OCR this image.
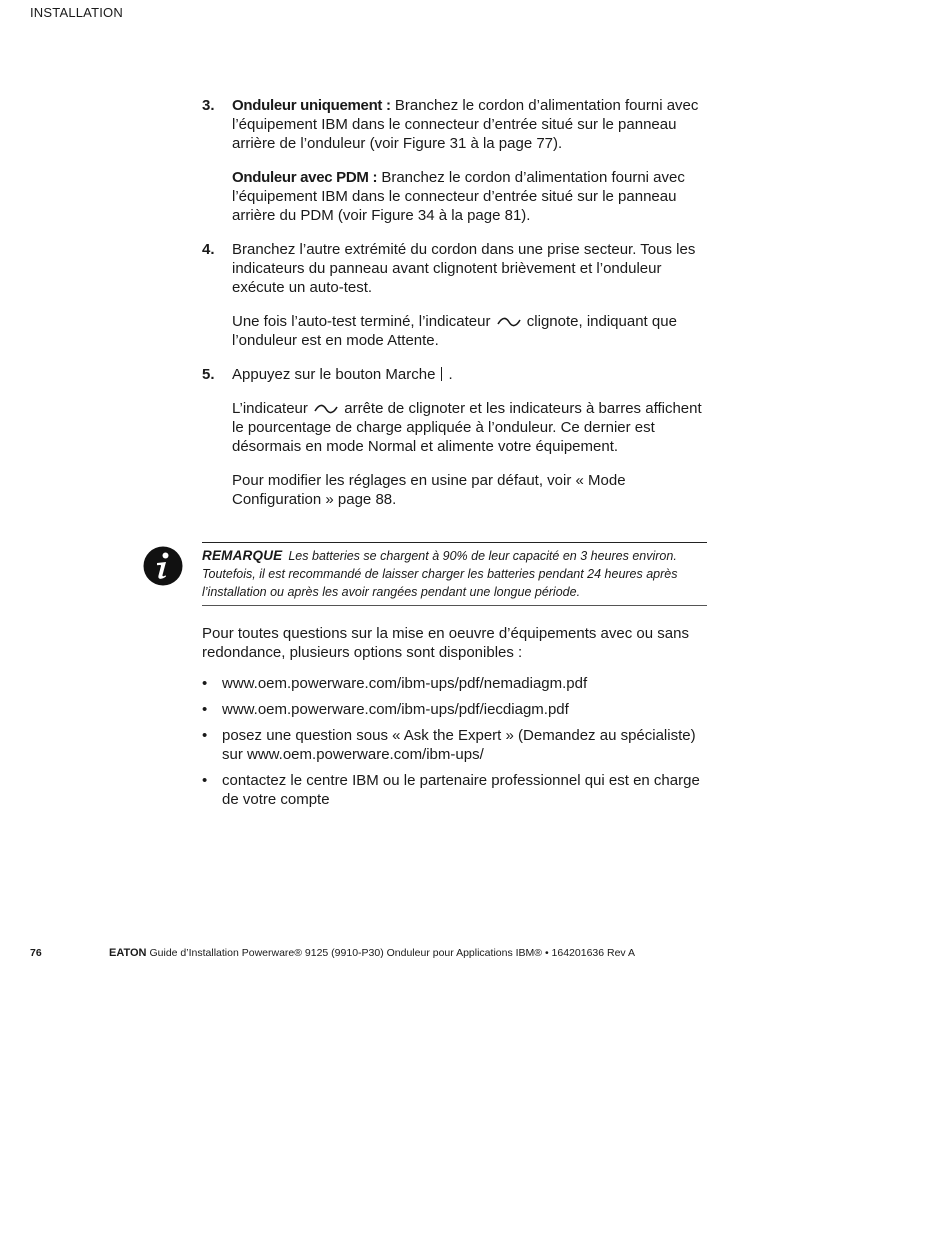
INSTALLATION
3. Onduleur uniquement : Branchez le cordon d’alimentation fourni avec l’équipement IBM dans le connecteur d’entrée situé sur le panneau arrière de l’onduleur (voir Figure 31 à la page 77).

Onduleur avec PDM : Branchez le cordon d’alimentation fourni avec l’équipement IBM dans le connecteur d’entrée situé sur le panneau arrière du PDM (voir Figure 34 à la page 81).

4. Branchez l’autre extrémité du cordon dans une prise secteur. Tous les indicateurs du panneau avant clignotent brièvement et l’onduleur exécute un auto-test.

Une fois l’auto-test terminé, l’indicateur clignote, indiquant que l’onduleur est en mode Attente.

5. Appuyez sur le bouton Marche .

L’indicateur arrête de clignoter et les indicateurs à barres affichent le pourcentage de charge appliquée à l’onduleur. Ce dernier est désormais en mode Normal et alimente votre équipement.

Pour modifier les réglages en usine par défaut, voir « Mode Configuration » page 88.

REMARQUE Les batteries se chargent à 90% de leur capacité en 3 heures environ. Toutefois, il est recommandé de laisser charger les batteries pendant 24 heures après l’installation ou après les avoir rangées pendant une longue période.

Pour toutes questions sur la mise en oeuvre d’équipements avec ou sans redondance, plusieurs options sont disponibles :

• www.oem.powerware.com/ibm-ups/pdf/nemadiagm.pdf
• www.oem.powerware.com/ibm-ups/pdf/iecdiagm.pdf
• posez une question sous « Ask the Expert » (Demandez au spécialiste) sur www.oem.powerware.com/ibm-ups/
• contactez le centre IBM ou le partenaire professionnel qui est en charge de votre compte
76	EATON Guide d’Installation Powerware® 9125 (9910-P30) Onduleur pour Applications IBM® • 164201636 Rev A
